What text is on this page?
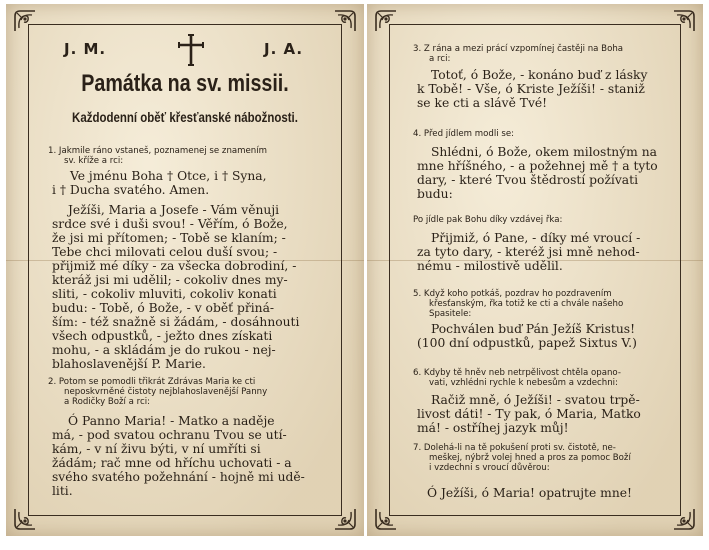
J. M.	J. A.
Památka na sv. missii.
Každodenní oběť křesťanské nábožnosti.
1. Jakmile ráno vstaneš, poznamenej se znamením
sv. kříže a rci:
Ve jménu Boha † Otce, i † Syna,
i † Ducha svatého. Amen.
Ježíši, Maria a Josefe - Vám věnuji
srdce své i duši svou! - Věřím, ó Bože,
že jsi mi přítomen; - Tobě se klaním; -
Tebe chci milovati celou duší svou; -
přijmiž mé díky - za všecka dobrodiní, -
kteráž jsi mi udělil; - cokoliv dnes my-
sliti, - cokoliv mluviti, cokoliv konati
budu: - Tobě, ó Bože, - v oběť přiná-
ším: - též snažně si žádám, - dosáhnouti
všech odpustků, - ježto dnes získati
mohu, - a skládám je do rukou - nej-
blahoslavenější P. Marie.
2. Potom se pomodli třikrát Zdrávas Maria ke cti
neposkvrněné čistoty nejblahoslavenější Panny
a Rodičky Boží a rci:
Ó Panno Maria! - Matko a naděje
má, - pod svatou ochranu Tvou se utí-
kám, - v ní živu býti, v ní umříti si
žádám; rač mne od hříchu uchovati - a
svého svatého požehnání - hojně mi udě-
liti.
3. Z rána a mezi prácí vzpomínej častěji na Boha
a rci:
Totoť, ó Bože, - konáno buď z lásky
k Tobě! - Vše, ó Kriste Ježíši! - staniž
se ke cti a slávě Tvé!
4. Před jídlem modli se:
Shlédni, ó Bože, okem milostným na
mne hříšného, - a požehnej mě † a tyto
dary, - které Tvou štědrostí požívati
budu:
Po jídle pak Bohu díky vzdávej řka:
Přijmiž, ó Pane, - díky mé vroucí -
za tyto dary, - kteréž jsi mně nehod-
nému - milostivě udělil.
5. Když koho potkáš, pozdrav ho pozdravením
křesťanským, řka totiž ke cti a chvále našeho
Spasitele:
Pochválen buď Pán Ježíš Kristus!
(100 dní odpustků, papež Sixtus V.)
6. Kdyby tě hněv neb netrpělivost chtěla opano-
vati, vzhlédni rychle k nebesům a vzdechni:
Račiž mně, ó Ježíši! - svatou trpě-
livost dáti! - Ty pak, ó Maria, Matko
má! - ostříhej jazyk můj!
7. Dolehá-li na tě pokušení proti sv. čistotě, ne-
meškej, nýbrž volej hned a pros za pomoc Boží
i vzdechni s vroucí důvěrou:
Ó Ježíši, ó Maria! opatrujte mne!
